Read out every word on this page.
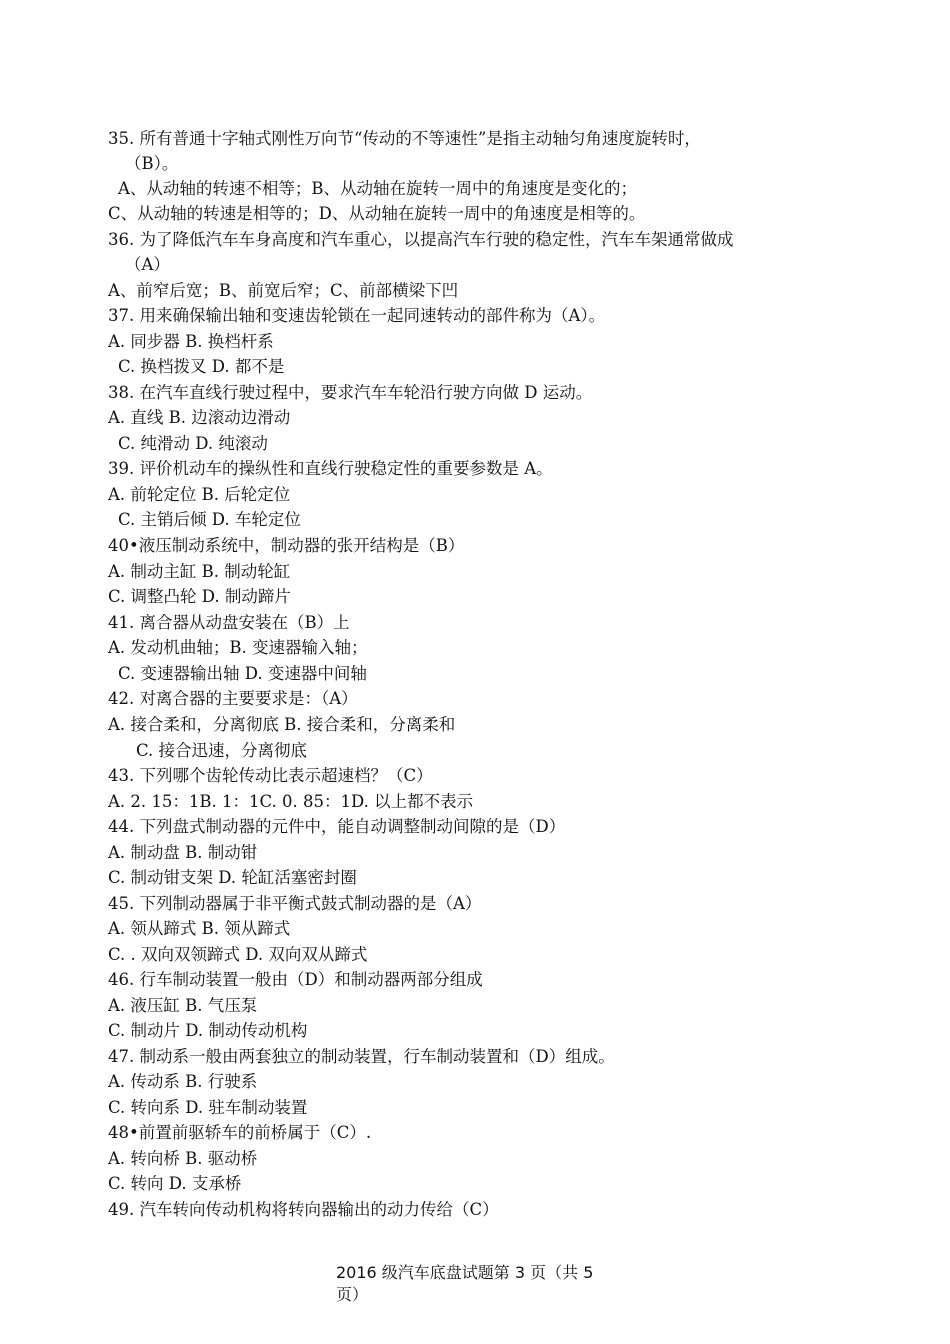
35. 所有普通十字轴式刚性万向节“传动的不等速性”是指主动轴匀角速度旋转时，
（B）。
A、从动轴的转速不相等；B、从动轴在旋转一周中的角速度是变化的；
C、从动轴的转速是相等的；D、从动轴在旋转一周中的角速度是相等的。
36. 为了降低汽车车身高度和汽车重心，以提高汽车行驶的稳定性，汽车车架通常做成
（A）
A、前窄后宽；B、前宽后窄；C、前部横梁下凹
37. 用来确保输出轴和变速齿轮锁在一起同速转动的部件称为（A）。
A. 同步器 B. 换档杆系
C. 换档拨叉 D. 都不是
38. 在汽车直线行驶过程中，要求汽车车轮沿行驶方向做 D 运动。
A. 直线 B. 边滚动边滑动
C. 纯滑动 D. 纯滚动
39. 评价机动车的操纵性和直线行驶稳定性的重要参数是 A。
A. 前轮定位 B. 后轮定位
C. 主销后倾 D. 车轮定位
40•液压制动系统中，制动器的张开结构是（B）
A. 制动主缸 B. 制动轮缸
C. 调整凸轮 D. 制动蹄片
41. 离合器从动盘安装在（B）上
A. 发动机曲轴；B. 变速器输入轴；
C. 变速器输出轴 D. 变速器中间轴
42. 对离合器的主要要求是：（A）
A. 接合柔和，分离彻底 B. 接合柔和，分离柔和
C. 接合迅速，分离彻底
43. 下列哪个齿轮传动比表示超速档？（C）
A. 2. 15：1B. 1：1C. 0. 85：1D. 以上都不表示
44. 下列盘式制动器的元件中，能自动调整制动间隙的是（D）
A. 制动盘 B. 制动钳
C. 制动钳支架 D. 轮缸活塞密封圈
45. 下列制动器属于非平衡式鼓式制动器的是（A）
A. 领从蹄式 B. 领从蹄式
C. . 双向双领蹄式 D. 双向双从蹄式
46. 行车制动装置一般由（D）和制动器两部分组成
A. 液压缸 B. 气压泵
C. 制动片 D. 制动传动机构
47. 制动系一般由两套独立的制动装置，行车制动装置和（D）组成。
A. 传动系 B. 行驶系
C. 转向系 D. 驻车制动装置
48•前置前驱轿车的前桥属于（C）.
A. 转向桥 B. 驱动桥
C. 转向 D. 支承桥
49. 汽车转向传动机构将转向器输出的动力传给（C）
2016 级汽车底盘试题第 3 页（共 5
页）
